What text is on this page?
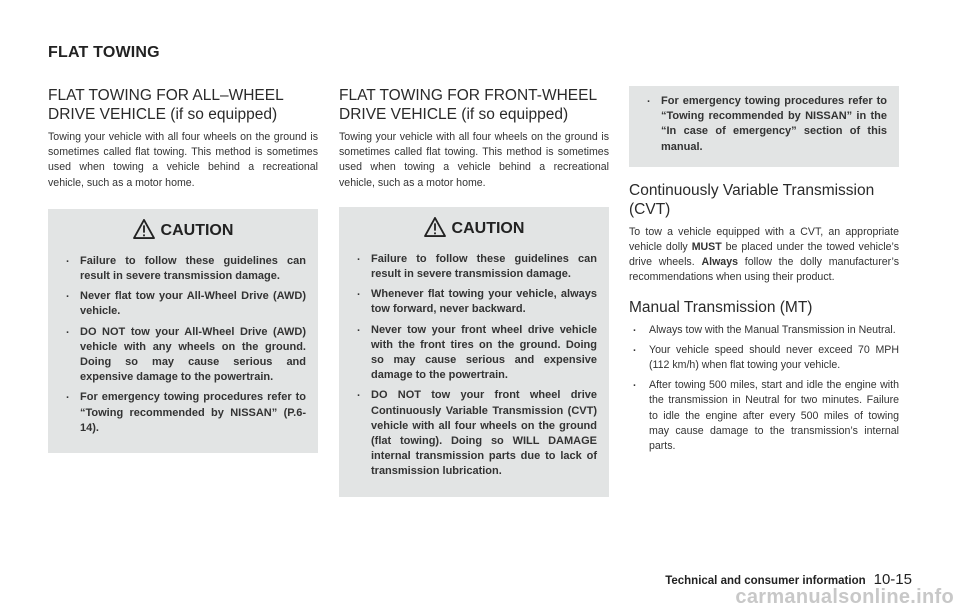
FLAT TOWING
FLAT TOWING FOR ALL–WHEEL
DRIVE VEHICLE (if so equipped)

Towing your vehicle with all four wheels on the ground is sometimes called flat towing. This method is sometimes used when towing a vehicle behind a recreational vehicle, such as a motor home.

CAUTION
. Failure to follow these guidelines can result in severe transmission damage.
. Never flat tow your All-Wheel Drive (AWD) vehicle.
. DO NOT tow your All-Wheel Drive (AWD) vehicle with any wheels on the ground. Doing so may cause serious and expensive damage to the powertrain.
. For emergency towing procedures refer to “Towing recommended by NISSAN” (P.6-14).
FLAT TOWING FOR FRONT-WHEEL
DRIVE VEHICLE (if so equipped)

Towing your vehicle with all four wheels on the ground is sometimes called flat towing. This method is sometimes used when towing a vehicle behind a recreational vehicle, such as a motor home.

CAUTION
. Failure to follow these guidelines can result in severe transmission damage.
. Whenever flat towing your vehicle, always tow forward, never backward.
. Never tow your front wheel drive vehicle with the front tires on the ground. Doing so may cause serious and expensive damage to the powertrain.
. DO NOT tow your front wheel drive Continuously Variable Transmission (CVT) vehicle with all four wheels on the ground (flat towing). Doing so WILL DAMAGE internal transmission parts due to lack of transmission lubrication.
. For emergency towing procedures refer to “Towing recommended by NISSAN” in the “In case of emergency” section of this manual.
Continuously Variable Transmission (CVT)

To tow a vehicle equipped with a CVT, an appropriate vehicle dolly MUST be placed under the towed vehicle’s drive wheels. Always follow the dolly manufacturer’s recommendations when using their product.

Manual Transmission (MT)
. Always tow with the Manual Transmission in Neutral.
. Your vehicle speed should never exceed 70 MPH (112 km/h) when flat towing your vehicle.
. After towing 500 miles, start and idle the engine with the transmission in Neutral for two minutes. Failure to idle the engine after every 500 miles of towing may cause damage to the transmission’s internal parts.
Technical and consumer information 10-15
carmanualsonline.info
